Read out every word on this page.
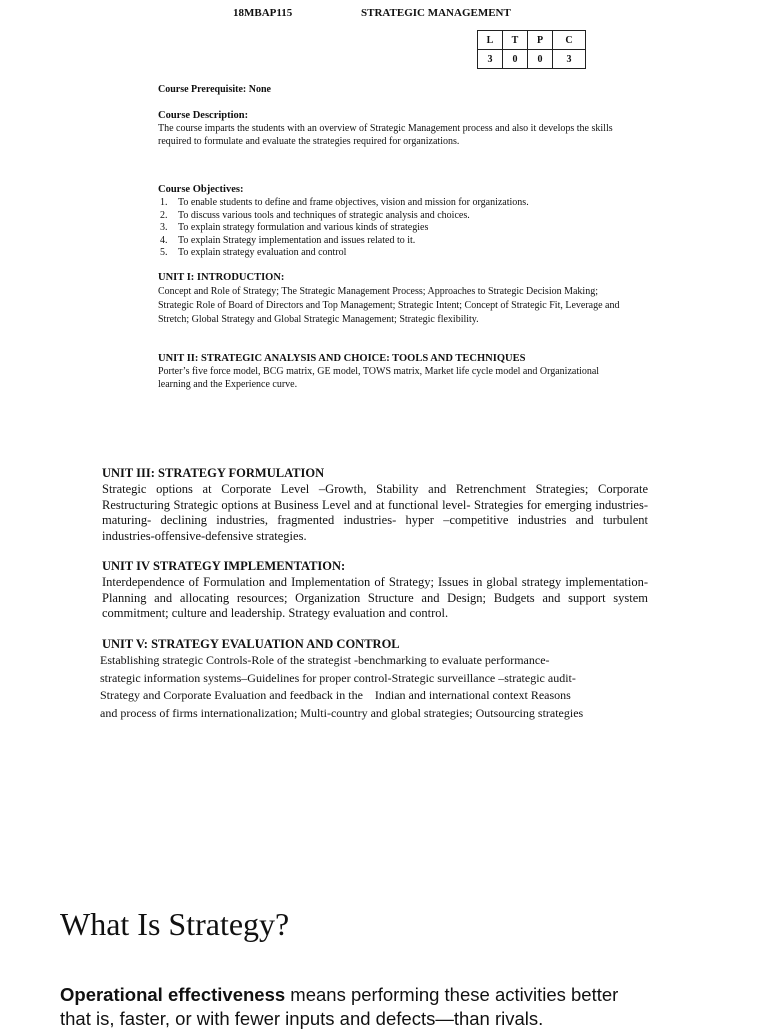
18MBAP115	STRATEGIC MANAGEMENT
L	T	P	C
3	0	0	3
Course Prerequisite: None
Course Description:
The course imparts the students with an overview of Strategic Management process and also it develops the skills required to formulate and evaluate the strategies required for organizations.
Course Objectives:
1.	To enable students to define and frame objectives, vision and mission for organizations.
2.	To discuss various tools and techniques of strategic analysis and choices.
3.	To explain strategy formulation and various kinds of strategies
4.	To explain Strategy implementation and issues related to it.
5.	To explain strategy evaluation and control
UNIT I: INTRODUCTION:
Concept and Role of Strategy; The Strategic Management Process; Approaches to Strategic Decision Making; Strategic Role of Board of Directors and Top Management; Strategic Intent; Concept of Strategic Fit, Leverage and Stretch; Global Strategy and Global Strategic Management; Strategic flexibility.
UNIT II: STRATEGIC ANALYSIS AND CHOICE: TOOLS AND TECHNIQUES
Porter’s five force model, BCG matrix, GE model, TOWS matrix, Market life cycle model and Organizational learning and the Experience curve.
UNIT III: STRATEGY FORMULATION
Strategic options at Corporate Level –Growth, Stability and Retrenchment Strategies; Corporate Restructuring Strategic options at Business Level and at functional level- Strategies for emerging industries- maturing- declining industries, fragmented industries- hyper –competitive industries and turbulent industries-offensive-defensive strategies.
UNIT IV STRATEGY IMPLEMENTATION:
Interdependence of Formulation and Implementation of Strategy; Issues in global strategy implementation-Planning and allocating resources; Organization Structure and Design; Budgets and support system commitment; culture and leadership. Strategy evaluation and control.
UNIT V: STRATEGY EVALUATION AND CONTROL
Establishing strategic Controls-Role of the strategist -benchmarking to evaluate performance-
strategic information systems–Guidelines for proper control-Strategic surveillance –strategic audit-
Strategy and Corporate Evaluation and feedback in the    Indian and international context Reasons
and process of firms internationalization; Multi-country and global strategies; Outsourcing strategies
What Is Strategy?
Operational effectiveness means performing these activities better
that is, faster, or with fewer inputs and defects—than rivals.
